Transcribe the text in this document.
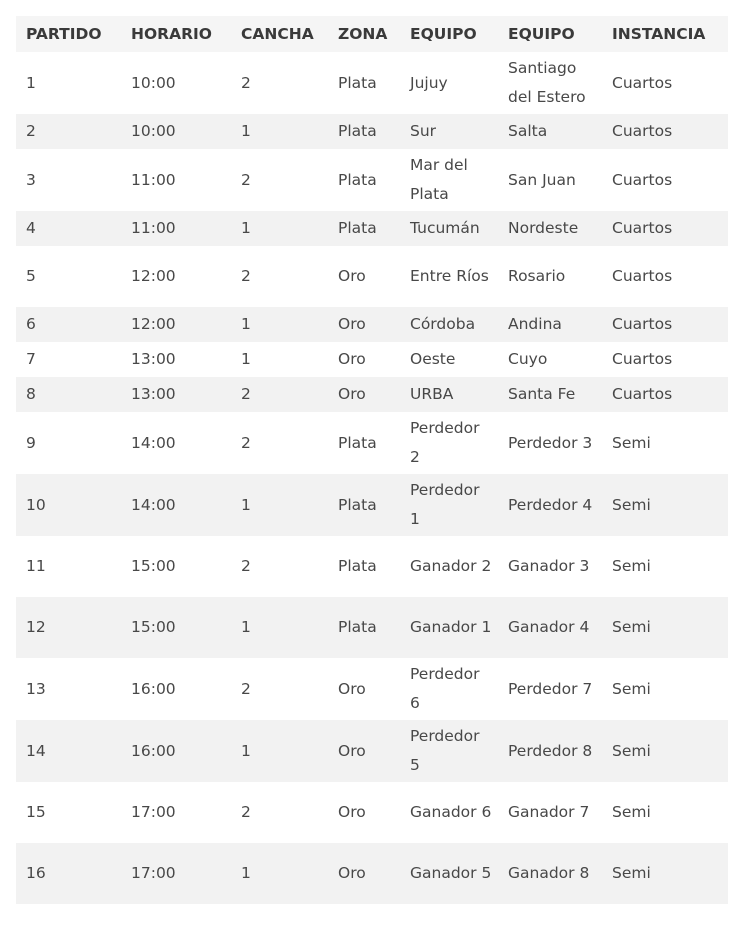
PARTIDO	HORARIO	CANCHA	ZONA	EQUIPO	EQUIPO	INSTANCIA
1	10:00	2	Plata	Jujuy	Santiago del Estero	Cuartos
2	10:00	1	Plata	Sur	Salta	Cuartos
3	11:00	2	Plata	Mar del Plata	San Juan	Cuartos
4	11:00	1	Plata	Tucumán	Nordeste	Cuartos
5	12:00	2	Oro	Entre Ríos	Rosario	Cuartos
6	12:00	1	Oro	Córdoba	Andina	Cuartos
7	13:00	1	Oro	Oeste	Cuyo	Cuartos
8	13:00	2	Oro	URBA	Santa Fe	Cuartos
9	14:00	2	Plata	Perdedor 2	Perdedor 3	Semi
10	14:00	1	Plata	Perdedor 1	Perdedor 4	Semi
11	15:00	2	Plata	Ganador 2	Ganador 3	Semi
12	15:00	1	Plata	Ganador 1	Ganador 4	Semi
13	16:00	2	Oro	Perdedor 6	Perdedor 7	Semi
14	16:00	1	Oro	Perdedor 5	Perdedor 8	Semi
15	17:00	2	Oro	Ganador 6	Ganador 7	Semi
16	17:00	1	Oro	Ganador 5	Ganador 8	Semi
